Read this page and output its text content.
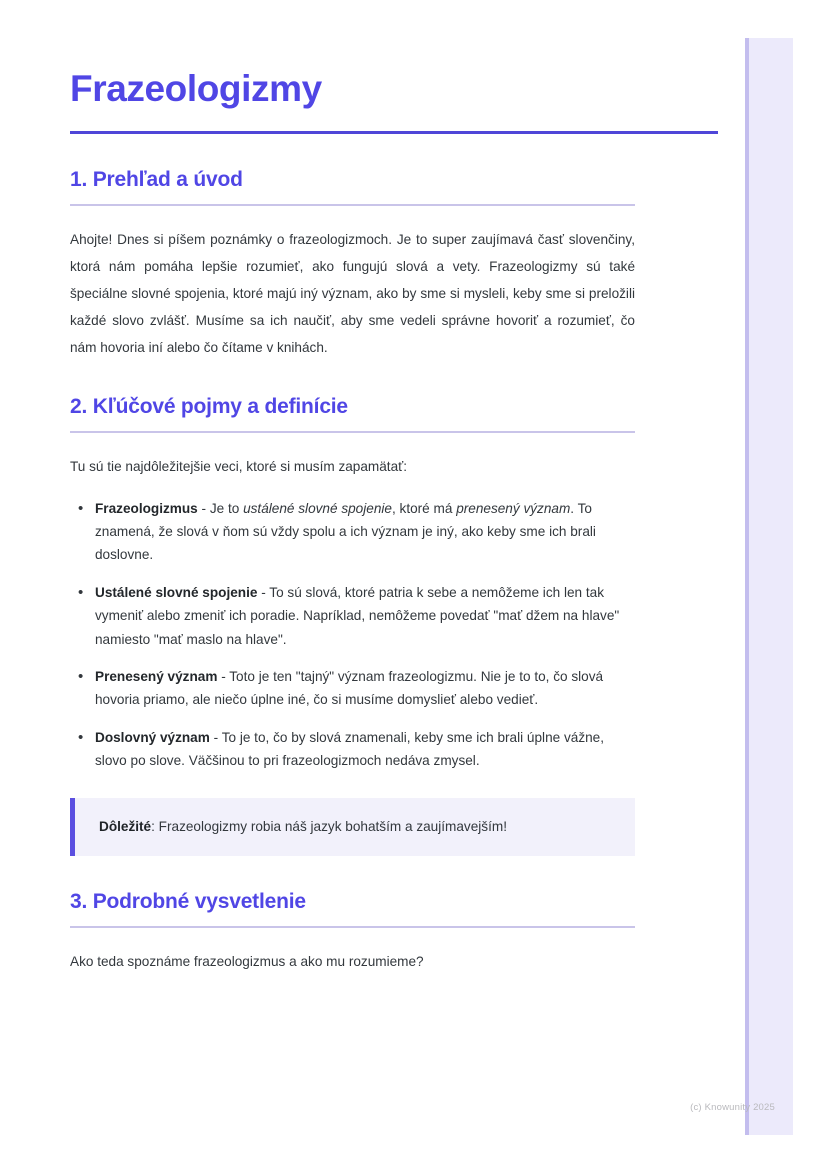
Frazeologizmy
1. Prehľad a úvod

Ahojte! Dnes si píšem poznámky o frazeologizmoch. Je to super zaujímavá časť slovenčiny, ktorá nám pomáha lepšie rozumieť, ako fungujú slová a vety. Frazeologizmy sú také špeciálne slovné spojenia, ktoré majú iný význam, ako by sme si mysleli, keby sme si preložili každé slovo zvlášť. Musíme sa ich naučiť, aby sme vedeli správne hovoriť a rozumieť, čo nám hovoria iní alebo čo čítame v knihách.

2. Kľúčové pojmy a definície

Tu sú tie najdôležitejšie veci, ktoré si musím zapamätať:

• Frazeologizmus - Je to ustálené slovné spojenie, ktoré má prenesený význam. To znamená, že slová v ňom sú vždy spolu a ich význam je iný, ako keby sme ich brali doslovne.
• Ustálené slovné spojenie - To sú slová, ktoré patria k sebe a nemôžeme ich len tak vymeniť alebo zmeniť ich poradie. Napríklad, nemôžeme povedať "mať džem na hlave" namiesto "mať maslo na hlave".
• Prenesený význam - Toto je ten "tajný" význam frazeologizmu. Nie je to to, čo slová hovoria priamo, ale niečo úplne iné, čo si musíme domyslieť alebo vedieť.
• Doslovný význam - To je to, čo by slová znamenali, keby sme ich brali úplne vážne, slovo po slove. Väčšinou to pri frazeologizmoch nedáva zmysel.
Dôležité: Frazeologizmy robia náš jazyk bohatším a zaujímavejším!
3. Podrobné vysvetlenie

Ako teda spoznáme frazeologizmus a ako mu rozumieme?

(c) Knowunity 2025
